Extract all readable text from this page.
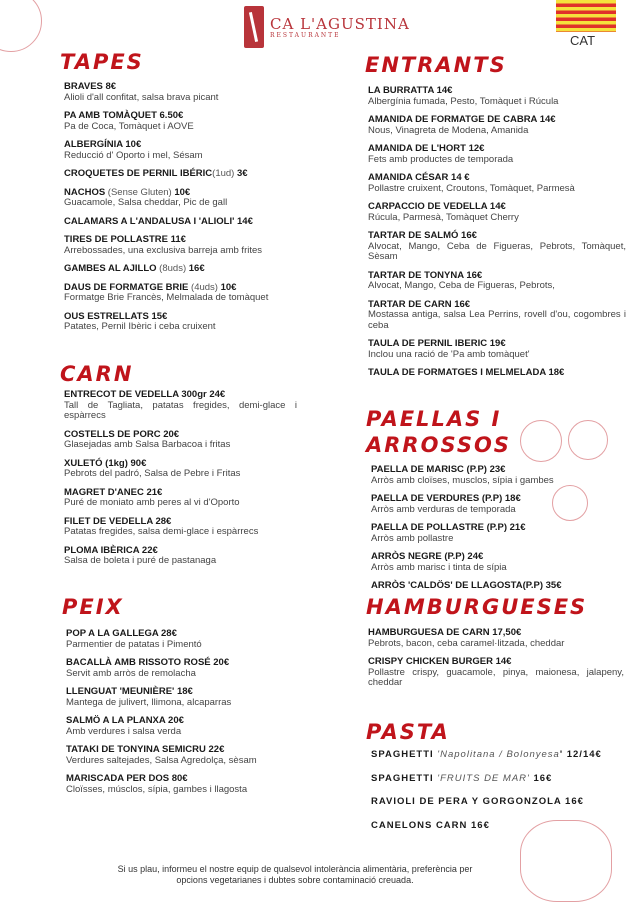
CA L'AGUSTINA
RESTAURANTE	CAT
TAPES
BRAVES 8€
Alioli d'all confitat, salsa brava picant
PA AMB TOMÀQUET 6.50€
Pa de Coca, Tomàquet i AOVE
ALBERGÍNIA 10€
Reducció d' Oporto i mel, Sésam
CROQUETES DE PERNIL IBÉRIC(1ud) 3€
NACHOS (Sense Gluten) 10€
Guacamole, Salsa cheddar, Pic de gall
CALAMARS A L'ANDALUSA I 'ALIOLI' 14€
TIRES DE POLLASTRE 11€
Arrebossades, una exclusiva barreja amb frites
GAMBES AL AJILLO (8uds) 16€
DAUS DE FORMATGE BRIE (4uds) 10€
Formatge Brie Francès, Melmalada de tomàquet
OUS ESTRELLATS 15€
Patates, Pernil Ibèric i ceba cruixent
CARN
ENTRECOT DE VEDELLA 300gr 24€
Tall de Tagliata, patatas fregides, demi-glace i espàrrecs
COSTELLS DE PORC 20€
Glasejadas amb Salsa Barbacoa i fritas
XULETÓ (1kg) 90€
Pebrots del padró, Salsa de Pebre i Fritas
MAGRET D'ANEC 21€
Puré de moniato amb peres al vi d'Oporto
FILET DE VEDELLA 28€
Patatas fregides, salsa demi-glace i espàrrecs
PLOMA IBÈRICA 22€
Salsa de boleta i puré de pastanaga
PEIX
POP A LA GALLEGA 28€
Parmentier de patatas i Pimentó
BACALLÀ AMB RISSOTO ROSÉ 20€
Servit amb arròs de remolacha
LLENGUAT 'MEUNIÈRE' 18€
Mantega de julivert, llimona, alcaparras
SALMÖ A LA PLANXA 20€
Amb verdures i salsa verda
TATAKI DE TONYINA SEMICRU 22€
Verdures saltejades, Salsa Agredolça, sèsam
MARISCADA PER DOS 80€
Cloïsses, músclos, sípia, gambes i llagosta
ENTRANTS
LA BURRATTA 14€
Albergínia fumada, Pesto, Tomàquet i Rúcula
AMANIDA DE FORMATGE DE CABRA 14€
Nous, Vinagreta de Modena, Amanida
AMANIDA DE L'HORT 12€
Fets amb productes de temporada
AMANIDA CÉSAR 14 €
Pollastre cruixent, Croutons, Tomàquet, Parmesà
CARPACCIO DE VEDELLA 14€
Rúcula, Parmesà, Tomàquet Cherry
TARTAR DE SALMÓ 16€
Alvocat, Mango, Ceba de Figueras, Pebrots, Tomàquet, Sèsam
TARTAR DE TONYNA 16€
Alvocat, Mango, Ceba de Figueras, Pebrots,
TARTAR DE CARN 16€
Mostassa antiga, salsa Lea Perrins, rovell d'ou, cogombres i ceba
TAULA DE PERNIL IBERIC 19€
Inclou una ració de 'Pa amb tomàquet'
TAULA DE FORMATGES I MELMELADA 18€
PAELLAS I
ARROSSOS
PAELLA DE MARISC (P.P) 23€
Arròs amb cloïses, musclos, sípia i gambes
PAELLA DE VERDURES (P.P) 18€
Arròs amb verduras de temporada
PAELLA DE POLLASTRE (P.P) 21€
Arròs amb pollastre
ARRÒS NEGRE (P.P) 24€
Arròs amb marisc i tinta de sípia
ARRÒS 'CALDÖS' DE LLAGOSTA(P.P) 35€
HAMBURGUESES
HAMBURGUESA DE CARN 17,50€
Pebrots, bacon, ceba caramel·litzada, cheddar
CRISPY CHICKEN BURGER 14€
Pollastre crispy, guacamole, pinya, maionesa, jalapeny, cheddar
PASTA
SPAGHETTI 'Napolitana / Bolonyesa' 12/14€
SPAGHETTI 'FRUITS DE MAR' 16€
RAVIOLI DE PERA Y GORGONZOLA 16€
CANELONS CARN 16€
Si us plau, informeu el nostre equip de qualsevol intolerància alimentària, preferència per opcions vegetarianes i dubtes sobre contaminació creuada.
